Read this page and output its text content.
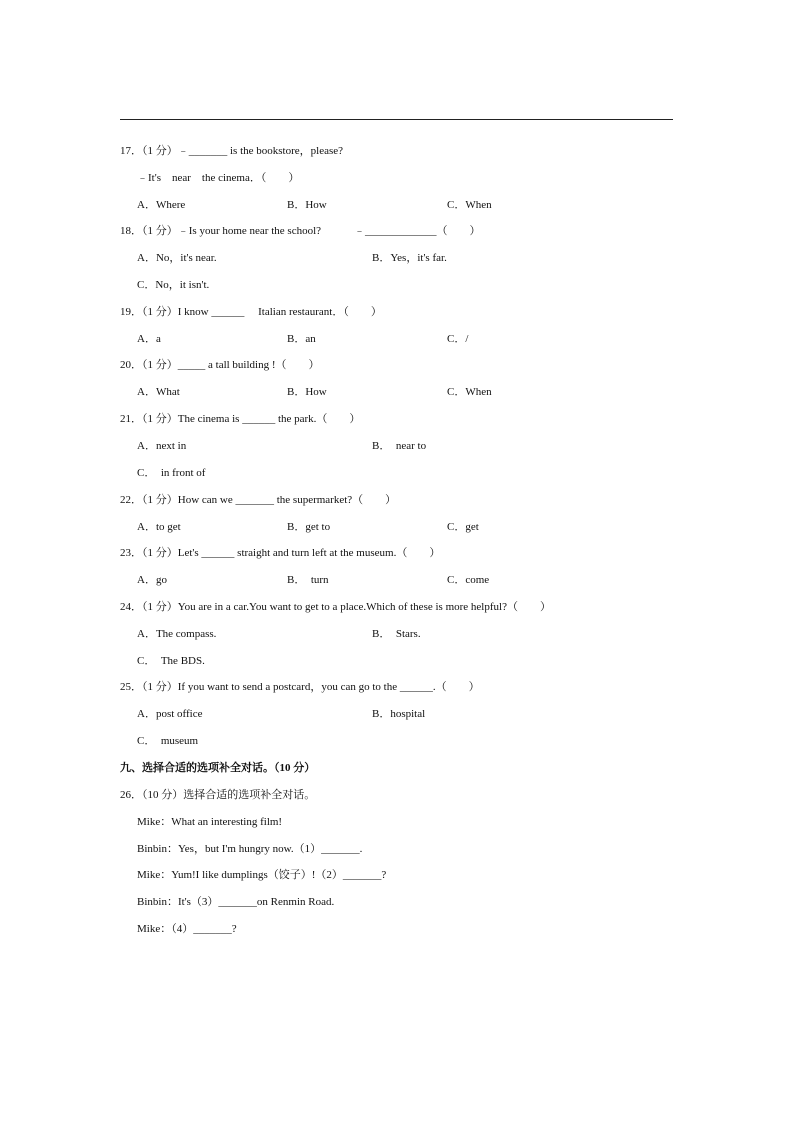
17．（1 分）﹣_______ is the bookstore，please?
﹣It's　near　the cinema．（　　）
A．Where	B．How	C．When
18．（1 分）﹣Is your home near the school?　　　﹣_____________（　　）
A．No，it's near.	B．Yes，it's far.
C．No，it isn't.
19．（1 分）I know ______　 Italian restaurant．（　　）
A．a	B．an	C．/
20．（1 分）_____ a tall building !（　　）
A．What	B．How	C．When
21．（1 分）The cinema is ______ the park.（　　）
A．next in	B．　near to
C．　in front of
22．（1 分）How can we _______ the supermarket?（　　）
A．to get	B．get to	C．get
23．（1 分）Let's ______ straight and turn left at the museum.（　　）
A．go	B．　turn	C．come
24．（1 分）You are in a car.You want to get to a place.Which of these is more helpful?（　　）
A．The compass.	B．　Stars.
C．　The BDS.
25．（1 分）If you want to send a postcard，you can go to the ______.（　　）
A．post office	B．hospital
C．　museum
九、选择合适的选项补全对话。（10 分）
26．（10 分）选择合适的选项补全对话。
Mike：What an interesting film!
Binbin：Yes，but I'm hungry now.（1）_______.
Mike：Yum!I like dumplings（饺子）!（2）_______?
Binbin：It's（3）_______on Renmin Road.
Mike：（4）_______?
